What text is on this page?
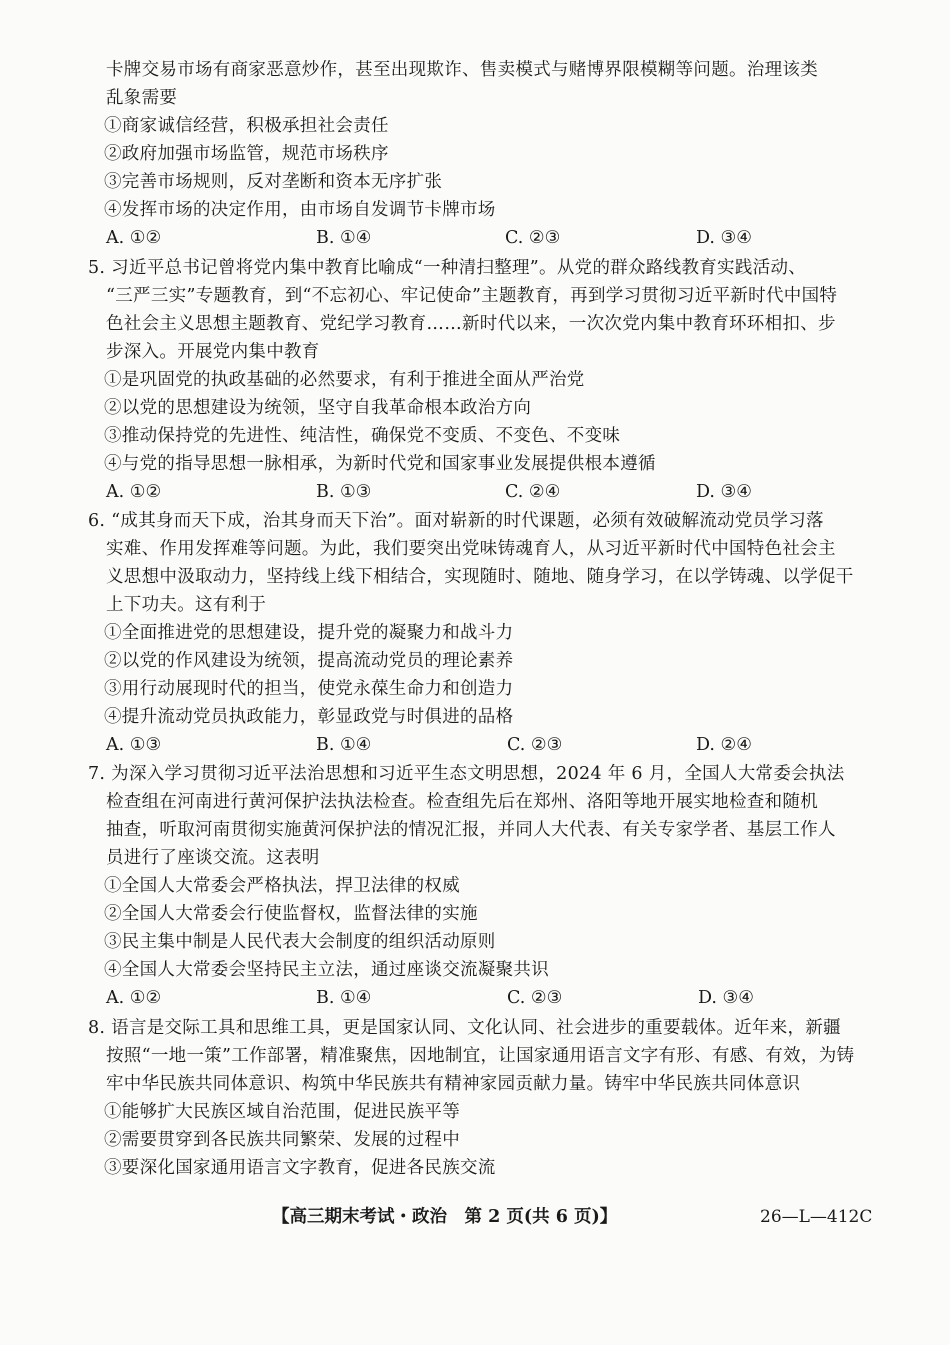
卡牌交易市场有商家恶意炒作，甚至出现欺诈、售卖模式与赌博界限模糊等问题。治理该类
乱象需要
①商家诚信经营，积极承担社会责任
②政府加强市场监管，规范市场秩序
③完善市场规则，反对垄断和资本无序扩张
④发挥市场的决定作用，由市场自发调节卡牌市场
A. ①②	B. ①④	C. ②③	D. ③④
5. 习近平总书记曾将党内集中教育比喻成“一种清扫整理”。从党的群众路线教育实践活动、
“三严三实”专题教育，到“不忘初心、牢记使命”主题教育，再到学习贯彻习近平新时代中国特
色社会主义思想主题教育、党纪学习教育……新时代以来，一次次党内集中教育环环相扣、步
步深入。开展党内集中教育
①是巩固党的执政基础的必然要求，有利于推进全面从严治党
②以党的思想建设为统领，坚守自我革命根本政治方向
③推动保持党的先进性、纯洁性，确保党不变质、不变色、不变味
④与党的指导思想一脉相承，为新时代党和国家事业发展提供根本遵循
A. ①②	B. ①③	C. ②④	D. ③④
6. “成其身而天下成，治其身而天下治”。面对崭新的时代课题，必须有效破解流动党员学习落
实难、作用发挥难等问题。为此，我们要突出党味铸魂育人，从习近平新时代中国特色社会主
义思想中汲取动力，坚持线上线下相结合，实现随时、随地、随身学习，在以学铸魂、以学促干
上下功夫。这有利于
①全面推进党的思想建设，提升党的凝聚力和战斗力
②以党的作风建设为统领，提高流动党员的理论素养
③用行动展现时代的担当，使党永葆生命力和创造力
④提升流动党员执政能力，彰显政党与时俱进的品格
A. ①③	B. ①④	C. ②③	D. ②④
7. 为深入学习贯彻习近平法治思想和习近平生态文明思想，2024 年 6 月，全国人大常委会执法
检查组在河南进行黄河保护法执法检查。检查组先后在郑州、洛阳等地开展实地检查和随机
抽查，听取河南贯彻实施黄河保护法的情况汇报，并同人大代表、有关专家学者、基层工作人
员进行了座谈交流。这表明
①全国人大常委会严格执法，捍卫法律的权威
②全国人大常委会行使监督权，监督法律的实施
③民主集中制是人民代表大会制度的组织活动原则
④全国人大常委会坚持民主立法，通过座谈交流凝聚共识
A. ①②	B. ①④	C. ②③	D. ③④
8. 语言是交际工具和思维工具，更是国家认同、文化认同、社会进步的重要载体。近年来，新疆
按照“一地一策”工作部署，精准聚焦，因地制宜，让国家通用语言文字有形、有感、有效，为铸
牢中华民族共同体意识、构筑中华民族共有精神家园贡献力量。铸牢中华民族共同体意识
①能够扩大民族区域自治范围，促进民族平等
②需要贯穿到各民族共同繁荣、发展的过程中
③要深化国家通用语言文字教育，促进各民族交流
【高三期末考试・政治　第 2 页(共 6 页)】	26—L—412C
